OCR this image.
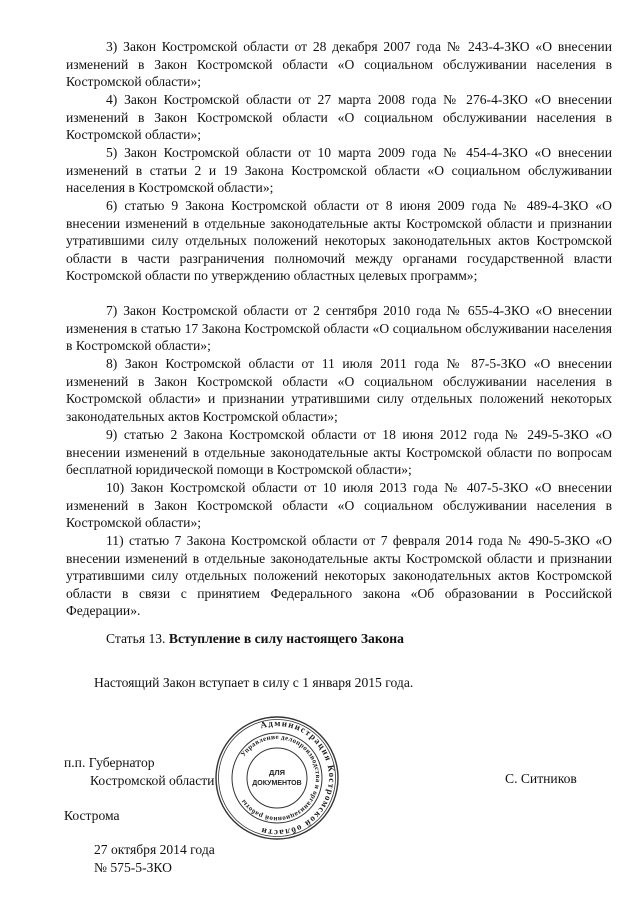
3) Закон Костромской области от 28 декабря 2007 года № 243-4-ЗКО «О внесении изменений в Закон Костромской области «О социальном обслуживании населения в Костромской области»;

4) Закон Костромской области от 27 марта 2008 года № 276-4-ЗКО «О внесении изменений в Закон Костромской области «О социальном обслуживании населения в Костромской области»;

5) Закон Костромской области от 10 марта 2009 года № 454-4-ЗКО «О внесении изменений в статьи 2 и 19 Закона Костромской области «О социальном обслуживании населения в Костромской области»;

6) статью 9 Закона Костромской области от 8 июня 2009 года № 489-4-ЗКО «О внесении изменений в отдельные законодательные акты Костромской области и признании утратившими силу отдельных положений некоторых законодательных актов Костромской области в части разграничения полномочий между органами государственной власти Костромской области по утверждению областных целевых программ»;

7) Закон Костромской области от 2 сентября 2010 года № 655-4-ЗКО «О внесении изменения в статью 17 Закона Костромской области «О социальном обслуживании населения в Костромской области»;

8) Закон Костромской области от 11 июля 2011 года № 87-5-ЗКО «О внесении изменений в Закон Костромской области «О социальном обслуживании населения в Костромской области» и признании утратившими силу отдельных положений некоторых законодательных актов Костромской области»;

9) статью 2 Закона Костромской области от 18 июня 2012 года № 249-5-ЗКО «О внесении изменений в отдельные законодательные акты Костромской области по вопросам бесплатной юридической помощи в Костромской области»;

10) Закон Костромской области от 10 июля 2013 года № 407-5-ЗКО «О внесении изменений в Закон Костромской области «О социальном обслуживании населения в Костромской области»;

11) статью 7 Закона Костромской области от 7 февраля 2014 года № 490-5-ЗКО «О внесении изменений в отдельные законодательные акты Костромской области и признании утратившими силу отдельных положений некоторых законодательных актов Костромской области в связи с принятием Федерального закона «Об образовании в Российской Федерации».

Статья 13. Вступление в силу настоящего Закона

Настоящий Закон вступает в силу с 1 января 2015 года.

п.п. Губернатор

Костромской области	С. Ситников

Кострома

27 октября 2014 года

№ 575-5-ЗКО

Администрация Костромской области
Управление делопроизводства и организационной работы
ДЛЯ
ДОКУМЕНТОВ
